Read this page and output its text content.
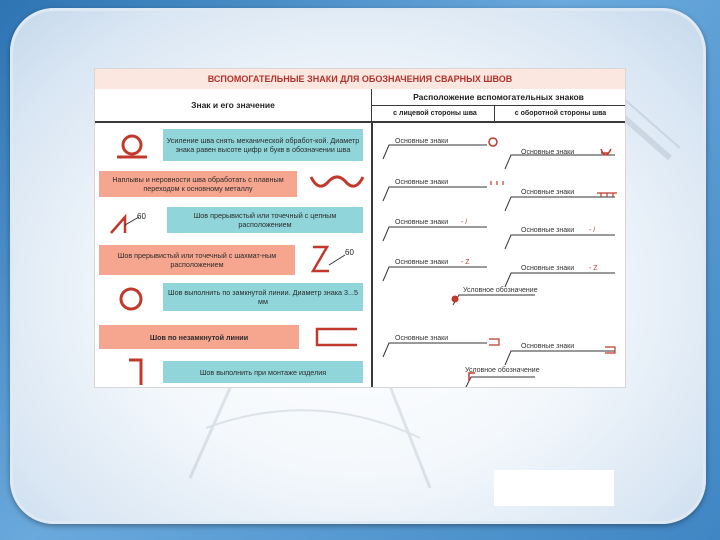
ВСПОМОГАТЕЛЬНЫЕ ЗНАКИ ДЛЯ ОБОЗНАЧЕНИЯ СВАРНЫХ ШВОВ
Знак и его значение
Расположение вспомогательных знаков
с лицевой стороны шва	с оборотной стороны шва
Усиление шва снять механической обработ-кой. Диаметр знака равен высоте цифр и букв в обозначении шва
Наплывы и неровности шва обработать с плавным переходом к основному металлу
60	Шов прерывистый или точечный с цепным расположением
Шов прерывистый или точечный с шахмат-ным расположением
60
Шов выполнить по замкнутой линии. Диаметр знака 3...5 мм
Шов по незамкнутой линии
Шов выполнить при монтаже изделия
Основные знаки
Основные знаки
Основные знаки
Основные знаки
Основные знаки - /
Основные знаки - /
Основные знаки - Z
Основные знаки - Z
Условное обозначение
Основные знаки
Основные знаки
Условное обозначение
